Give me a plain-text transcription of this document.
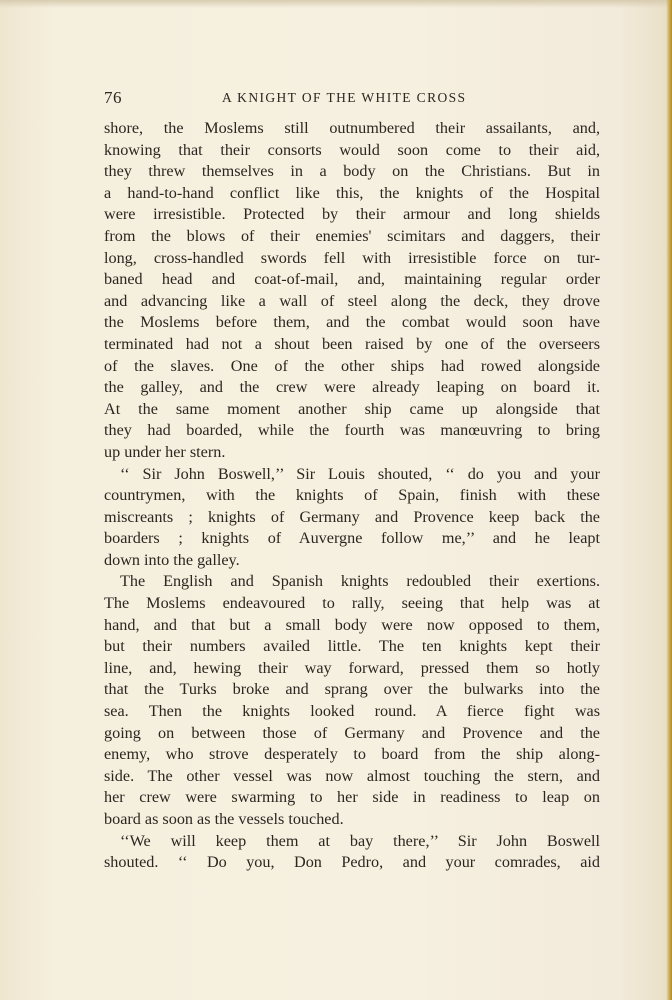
76	A KNIGHT OF THE WHITE CROSS
shore, the Moslems still outnumbered their assailants, and,
knowing that their consorts would soon come to their aid,
they threw themselves in a body on the Christians. But in
a hand-to-hand conflict like this, the knights of the Hospital
were irresistible. Protected by their armour and long shields
from the blows of their enemies' scimitars and daggers, their
long, cross-handled swords fell with irresistible force on tur-
baned head and coat-of-mail, and, maintaining regular order
and advancing like a wall of steel along the deck, they drove
the Moslems before them, and the combat would soon have
terminated had not a shout been raised by one of the overseers
of the slaves. One of the other ships had rowed alongside
the galley, and the crew were already leaping on board it.
At the same moment another ship came up alongside that
they had boarded, while the fourth was manœuvring to bring
up under her stern.
‘‘ Sir John Boswell,’’ Sir Louis shouted, ‘‘ do you and your
countrymen, with the knights of Spain, finish with these
miscreants ; knights of Germany and Provence keep back the
boarders ; knights of Auvergne follow me,’’ and he leapt
down into the galley.
The English and Spanish knights redoubled their exertions.
The Moslems endeavoured to rally, seeing that help was at
hand, and that but a small body were now opposed to them,
but their numbers availed little. The ten knights kept their
line, and, hewing their way forward, pressed them so hotly
that the Turks broke and sprang over the bulwarks into the
sea. Then the knights looked round. A fierce fight was
going on between those of Germany and Provence and the
enemy, who strove desperately to board from the ship along-
side. The other vessel was now almost touching the stern, and
her crew were swarming to her side in readiness to leap on
board as soon as the vessels touched.
‘‘We will keep them at bay there,’’ Sir John Boswell
shouted. ‘‘ Do you, Don Pedro, and your comrades, aid
